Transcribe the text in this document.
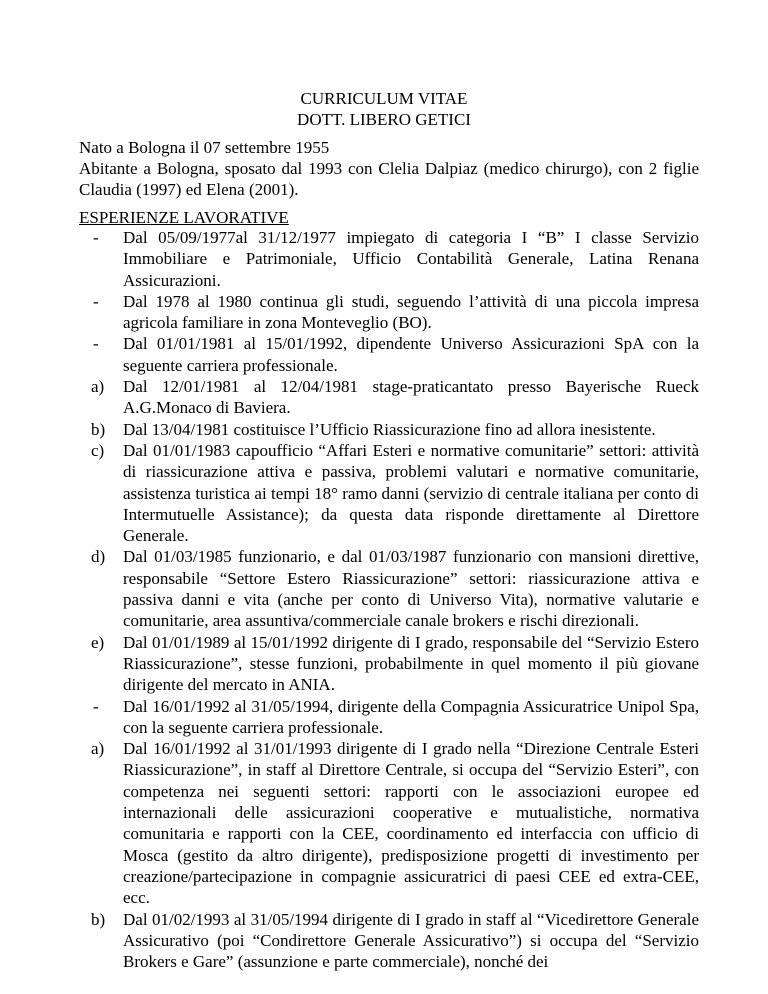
CURRICULUM VITAE
DOTT. LIBERO GETICI
Nato a Bologna il 07 settembre 1955
Abitante a Bologna, sposato dal 1993 con Clelia Dalpiaz (medico chirurgo), con 2 figlie Claudia (1997) ed Elena (2001).
ESPERIENZE LAVORATIVE
-	Dal 05/09/1977al 31/12/1977 impiegato di categoria I “B” I classe Servizio Immobiliare e Patrimoniale, Ufficio Contabilità Generale, Latina Renana Assicurazioni.
-	Dal 1978 al 1980 continua gli studi, seguendo l’attività di una piccola impresa agricola familiare in zona Monteveglio (BO).
-	Dal 01/01/1981 al 15/01/1992, dipendente Universo Assicurazioni SpA con la seguente carriera professionale.
a)	Dal 12/01/1981 al 12/04/1981 stage-praticantato presso Bayerische Rueck A.G.Monaco di Baviera.
b)	Dal 13/04/1981 costituisce l’Ufficio Riassicurazione fino ad allora inesistente.
c)	Dal 01/01/1983 capoufficio “Affari Esteri e normative comunitarie” settori: attività di riassicurazione attiva e passiva, problemi valutari e normative comunitarie, assistenza turistica ai tempi 18° ramo danni (servizio di centrale italiana per conto di Intermutuelle Assistance); da questa data risponde direttamente al Direttore Generale.
d)	Dal 01/03/1985 funzionario, e dal 01/03/1987 funzionario con mansioni direttive, responsabile “Settore Estero Riassicurazione” settori: riassicurazione attiva e passiva danni e vita (anche per conto di Universo Vita), normative valutarie e comunitarie, area assuntiva/commerciale canale brokers e rischi direzionali.
e)	Dal 01/01/1989 al 15/01/1992 dirigente di I grado, responsabile del “Servizio Estero Riassicurazione”, stesse funzioni, probabilmente in quel momento il più giovane dirigente del mercato in ANIA.
-	Dal 16/01/1992 al 31/05/1994, dirigente della Compagnia Assicuratrice Unipol Spa, con la seguente carriera professionale.
a)	Dal 16/01/1992 al 31/01/1993 dirigente di I grado nella “Direzione Centrale Esteri Riassicurazione”, in staff al Direttore Centrale, si occupa del “Servizio Esteri”, con competenza nei seguenti settori: rapporti con le associazioni europee ed internazionali delle assicurazioni cooperative e mutualistiche, normativa comunitaria e rapporti con la CEE, coordinamento ed interfaccia con ufficio di Mosca (gestito da altro dirigente), predisposizione progetti di investimento per creazione/partecipazione in compagnie assicuratrici di paesi CEE ed extra-CEE, ecc.
b)	Dal 01/02/1993 al 31/05/1994 dirigente di I grado in staff al “Vicedirettore Generale Assicurativo (poi “Condirettore Generale Assicurativo”) si occupa del “Servizio Brokers e Gare” (assunzione e parte commerciale), nonché dei
